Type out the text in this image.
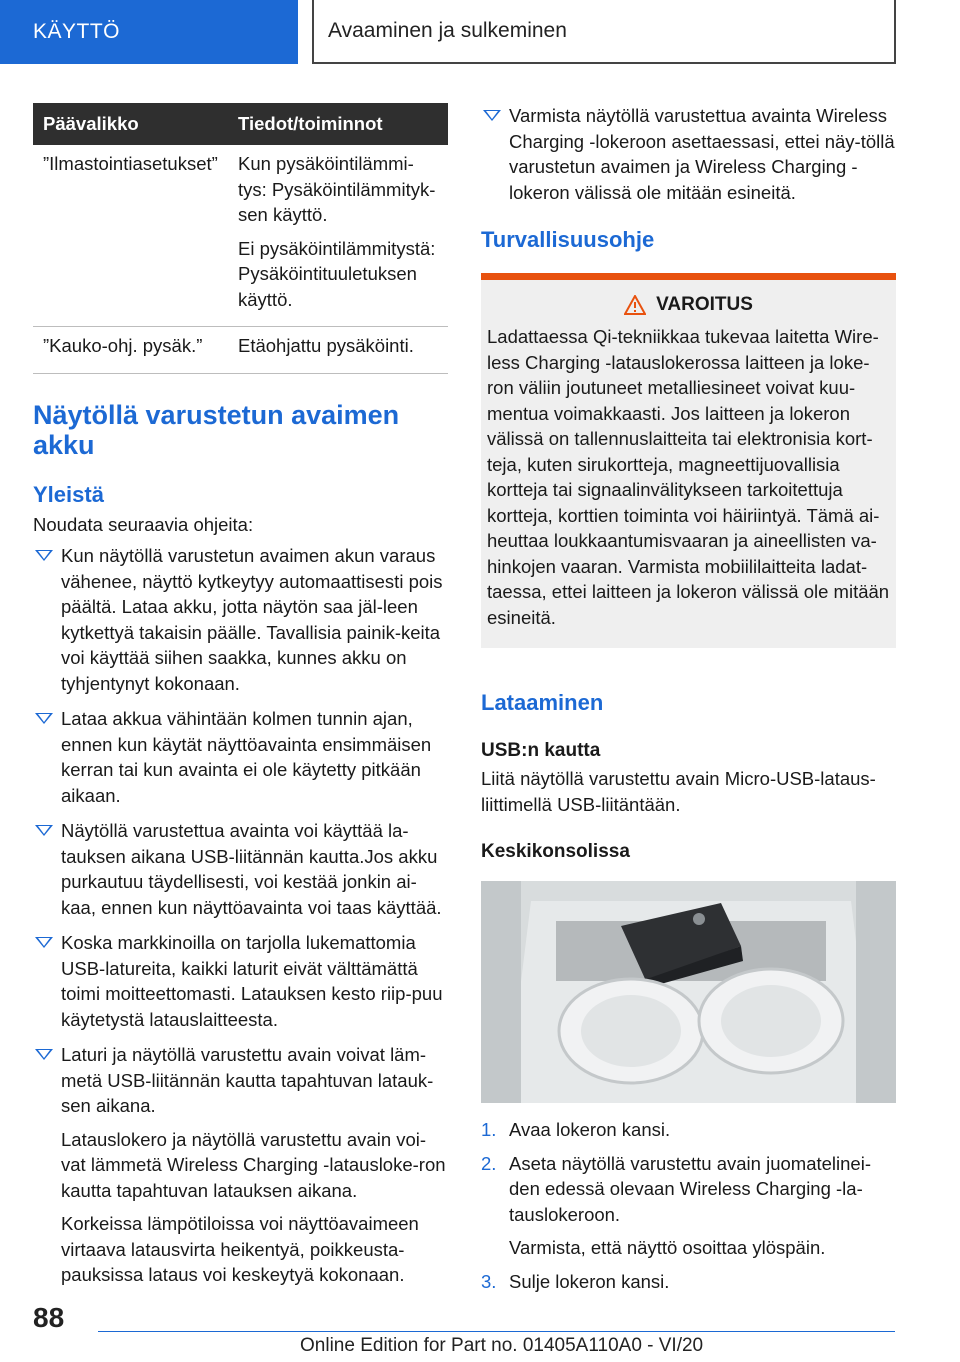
KÄYTTÖ	Avaaminen ja sulkeminen
Päävalikko	Tiedot/toiminnot
”Ilmastointiasetukset”	Kun pysäköintilämmi-tys: Pysäköintilämmityk-sen käyttö.
Ei pysäköintilämmitystä: Pysäköintituuletuksen käyttö.

”Kauko-ohj. pysäk.”	Etäohjattu pysäköinti.
Näytöllä varustetun avaimen akku
Yleistä

Noudata seuraavia ohjeita:

Kun näytöllä varustetun avaimen akun varaus vähenee, näyttö kytkeytyy automaattisesti pois päältä. Lataa akku, jotta näytön saa jäl-leen kytkettyä takaisin päälle. Tavallisia painik-keita voi käyttää siihen saakka, kunnes akku on tyhjentynyt kokonaan.
Lataa akkua vähintään kolmen tunnin ajan, ennen kun käytät näyttöavainta ensimmäisen kerran tai kun avainta ei ole käytetty pitkään aikaan.
Näytöllä varustettua avainta voi käyttää la-tauksen aikana USB-liitännän kautta.Jos akku purkautuu täydellisesti, voi kestää jonkin ai-kaa, ennen kun näyttöavainta voi taas käyttää.
Koska markkinoilla on tarjolla lukemattomia USB-latureita, kaikki laturit eivät välttämättä toimi moitteettomasti. Latauksen kesto riip-puu käytetystä latauslaitteesta.
Laturi ja näytöllä varustettu avain voivat läm-metä USB-liitännän kautta tapahtuvan latauk-sen aikana.
Latauslokero ja näytöllä varustettu avain voi-vat lämmetä Wireless Charging -latausloke-ron kautta tapahtuvan latauksen aikana.
Korkeissa lämpötiloissa voi näyttöavaimeen virtaava latausvirta heikentyä, poikkeusta-pauksissa lataus voi keskeytyä kokonaan.
Varmista näytöllä varustettua avainta Wireless Charging -lokeroon asettaessasi, ettei näy-töllä varustetun avaimen ja Wireless Charging -lokeron välissä ole mitään esineitä.
Turvallisuusohje
VAROITUS

Ladattaessa Qi-tekniikkaa tukevaa laitetta Wire-less Charging -latauslokerossa laitteen ja loke-ron väliin joutuneet metalliesineet voivat kuu-mentua voimakkaasti. Jos laitteen ja lokeron välissä on tallennuslaitteita tai elektronisia kort-teja, kuten sirukortteja, magneettijuovallisia kortteja tai signaalinvälitykseen tarkoitettuja kortteja, korttien toiminta voi häiriintyä. Tämä ai-heuttaa loukkaantumisvaaran ja aineellisten va-hinkojen vaaran. Varmista mobiililaitteita ladat-taessa, ettei laitteen ja lokeron välissä ole mitään esineitä.

Lataaminen
USB:n kautta

Liitä näytöllä varustettu avain Micro-USB-lataus-liittimellä USB-liitäntään.

Keskikonsolissa
1. Avaa lokeron kansi.
2. Aseta näytöllä varustettu avain juomatelinei-den edessä olevaan Wireless Charging -la-tauslokeroon.
Varmista, että näyttö osoittaa ylöspäin.
3. Sulje lokeron kansi.
88
Online Edition for Part no. 01405A110A0 - VI/20
